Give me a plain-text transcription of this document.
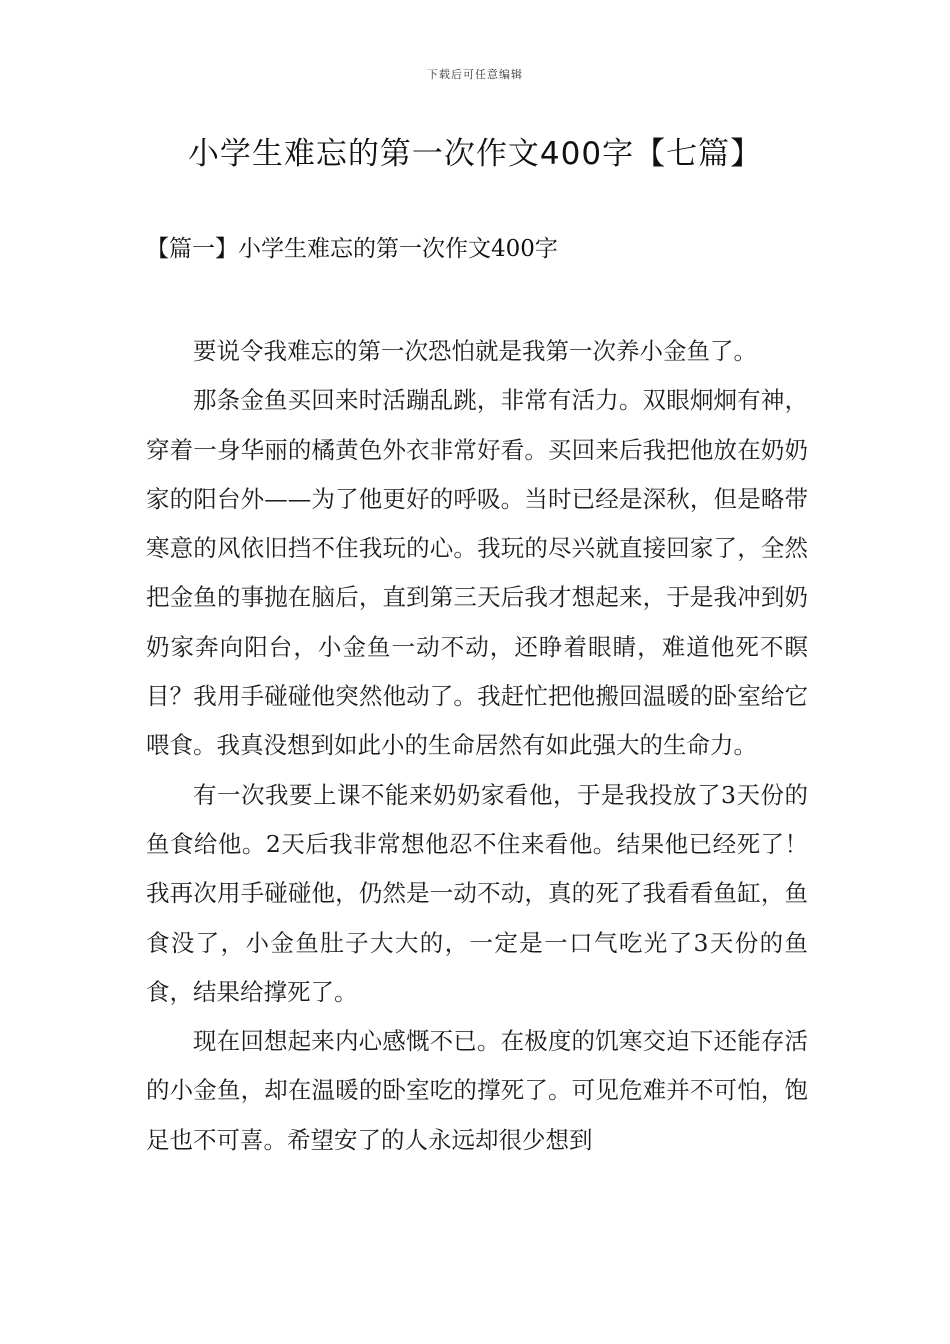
下载后可任意编辑
小学生难忘的第一次作文400字【七篇】
【篇一】小学生难忘的第一次作文400字

要说令我难忘的第一次恐怕就是我第一次养小金鱼了。

那条金鱼买回来时活蹦乱跳，非常有活力。双眼炯炯有神，穿着一身华丽的橘黄色外衣非常好看。买回来后我把他放在奶奶家的阳台外——为了他更好的呼吸。当时已经是深秋，但是略带寒意的风依旧挡不住我玩的心。我玩的尽兴就直接回家了，全然把金鱼的事抛在脑后，直到第三天后我才想起来，于是我冲到奶奶家奔向阳台，小金鱼一动不动，还睁着眼睛，难道他死不瞑目？我用手碰碰他突然他动了。我赶忙把他搬回温暖的卧室给它喂食。我真没想到如此小的生命居然有如此强大的生命力。

有一次我要上课不能来奶奶家看他，于是我投放了3天份的鱼食给他。2天后我非常想他忍不住来看他。结果他已经死了！我再次用手碰碰他，仍然是一动不动，真的死了我看看鱼缸，鱼食没了，小金鱼肚子大大的，一定是一口气吃光了3天份的鱼食，结果给撑死了。

现在回想起来内心感慨不已。在极度的饥寒交迫下还能存活的小金鱼，却在温暖的卧室吃的撑死了。可见危难并不可怕，饱足也不可喜。希望安了的人永远却很少想到
